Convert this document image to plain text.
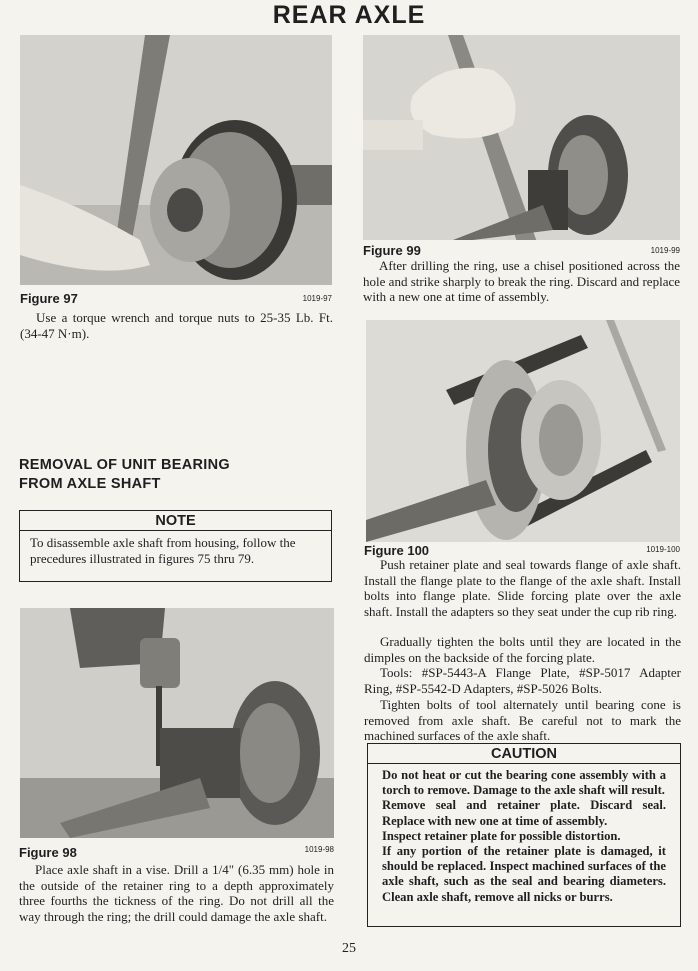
REAR AXLE
Figure 97	1019-97

Use a torque wrench and torque nuts to 25-35 Lb. Ft. (34-47 N·m).

REMOVAL OF UNIT BEARING
FROM AXLE SHAFT
NOTE
To disassemble axle shaft from housing, follow the precedures illustrated in figures 75 thru 79.
Figure 98	1019-98

Place axle shaft in a vise. Drill a 1/4" (6.35 mm) hole in the outside of the retainer ring to a depth approximately three fourths the tickness of the ring. Do not drill all the way through the ring; the drill could damage the axle shaft.

Figure 99	1019-99

After drilling the ring, use a chisel positioned across the hole and strike sharply to break the ring. Discard and replace with a new one at time of assembly.

Figure 100	1019-100

Push retainer plate and seal towards flange of axle shaft. Install the flange plate to the flange of the axle shaft. Install bolts into flange plate. Slide forcing plate over the axle shaft. Install the adapters so they seat under the cup rib ring.

Gradually tighten the bolts until they are located in the dimples on the backside of the forcing plate.

Tools: #SP-5443-A Flange Plate, #SP-5017 Adapter Ring, #SP-5542-D Adapters, #SP-5026 Bolts.

Tighten bolts of tool alternately until bearing cone is removed from axle shaft. Be careful not to mark the machined surfaces of the axle shaft.

CAUTION

Do not heat or cut the bearing cone assembly with a torch to remove. Damage to the axle shaft will result.

Remove seal and retainer plate. Discard seal. Replace with new one at time of assembly.

Inspect retainer plate for possible distortion.

If any portion of the retainer plate is damaged, it should be replaced. Inspect machined surfaces of the axle shaft, such as the seal and bearing diameters. Clean axle shaft, remove all nicks or burrs.

25
